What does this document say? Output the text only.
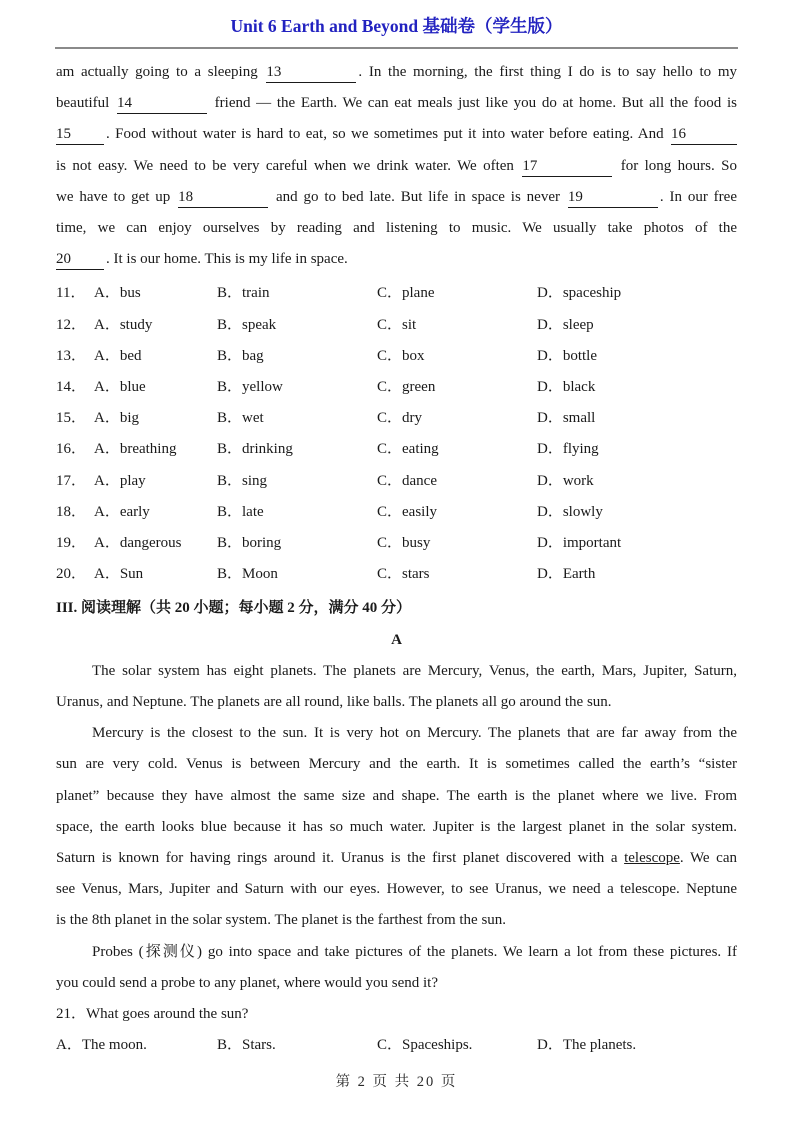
Unit 6 Earth and Beyond 基础卷（学生版）
am actually going to a sleeping 13	. In the morning, the first thing I do is to say hello to my
beautiful 14	friend — the Earth. We can eat meals just like you do at home. But all the food is
15 . Food without water is hard to eat, so we sometimes put it into water before eating. And 16
is not easy. We need to be very careful when we drink water. We often 17	for long hours. So
we have to get up 18	and go to bed late. But life in space is never 19	. In our free
time, we can enjoy ourselves by reading and listening to music. We usually take photos of the
20 . It is our home. This is my life in space.
11． A．bus	B．train	C．plane	D．spaceship
12． A．study	B．speak	C．sit	D．sleep
13． A．bed	B．bag	C．box	D．bottle
14． A．blue	B．yellow	C．green	D．black
15． A．big	B．wet	C．dry	D．small
16． A．breathing	B．drinking	C．eating	D．flying
17． A．play	B．sing	C．dance	D．work
18． A．early	B．late	C．easily	D．slowly
19． A．dangerous	B．boring	C．busy	D．important
20． A．Sun	B．Moon	C．stars	D．Earth
III. 阅读理解（共 20 小题；每小题 2 分，满分 40 分）
A
The solar system has eight planets. The planets are Mercury, Venus, the earth, Mars, Jupiter, Saturn,
Uranus, and Neptune. The planets are all round, like balls. The planets all go around the sun.
Mercury is the closest to the sun. It is very hot on Mercury. The planets that are far away from the
sun are very cold. Venus is between Mercury and the earth. It is sometimes called the earth’s “sister
planet” because they have almost the same size and shape. The earth is the planet where we live. From
space, the earth looks blue because it has so much water. Jupiter is the largest planet in the solar system.
Saturn is known for having rings around it. Uranus is the first planet discovered with a telescope. We can
see Venus, Mars, Jupiter and Saturn with our eyes. However, to see Uranus, we need a telescope. Neptune
is the 8th planet in the solar system. The planet is the farthest from the sun.
Probes (探测仪) go into space and take pictures of the planets. We learn a lot from these pictures. If
you could send a probe to any planet, where would you send it?
21．What goes around the sun?
A．The moon.	B．Stars.	C．Spaceships.	D．The planets.
第 2 页 共 20 页
